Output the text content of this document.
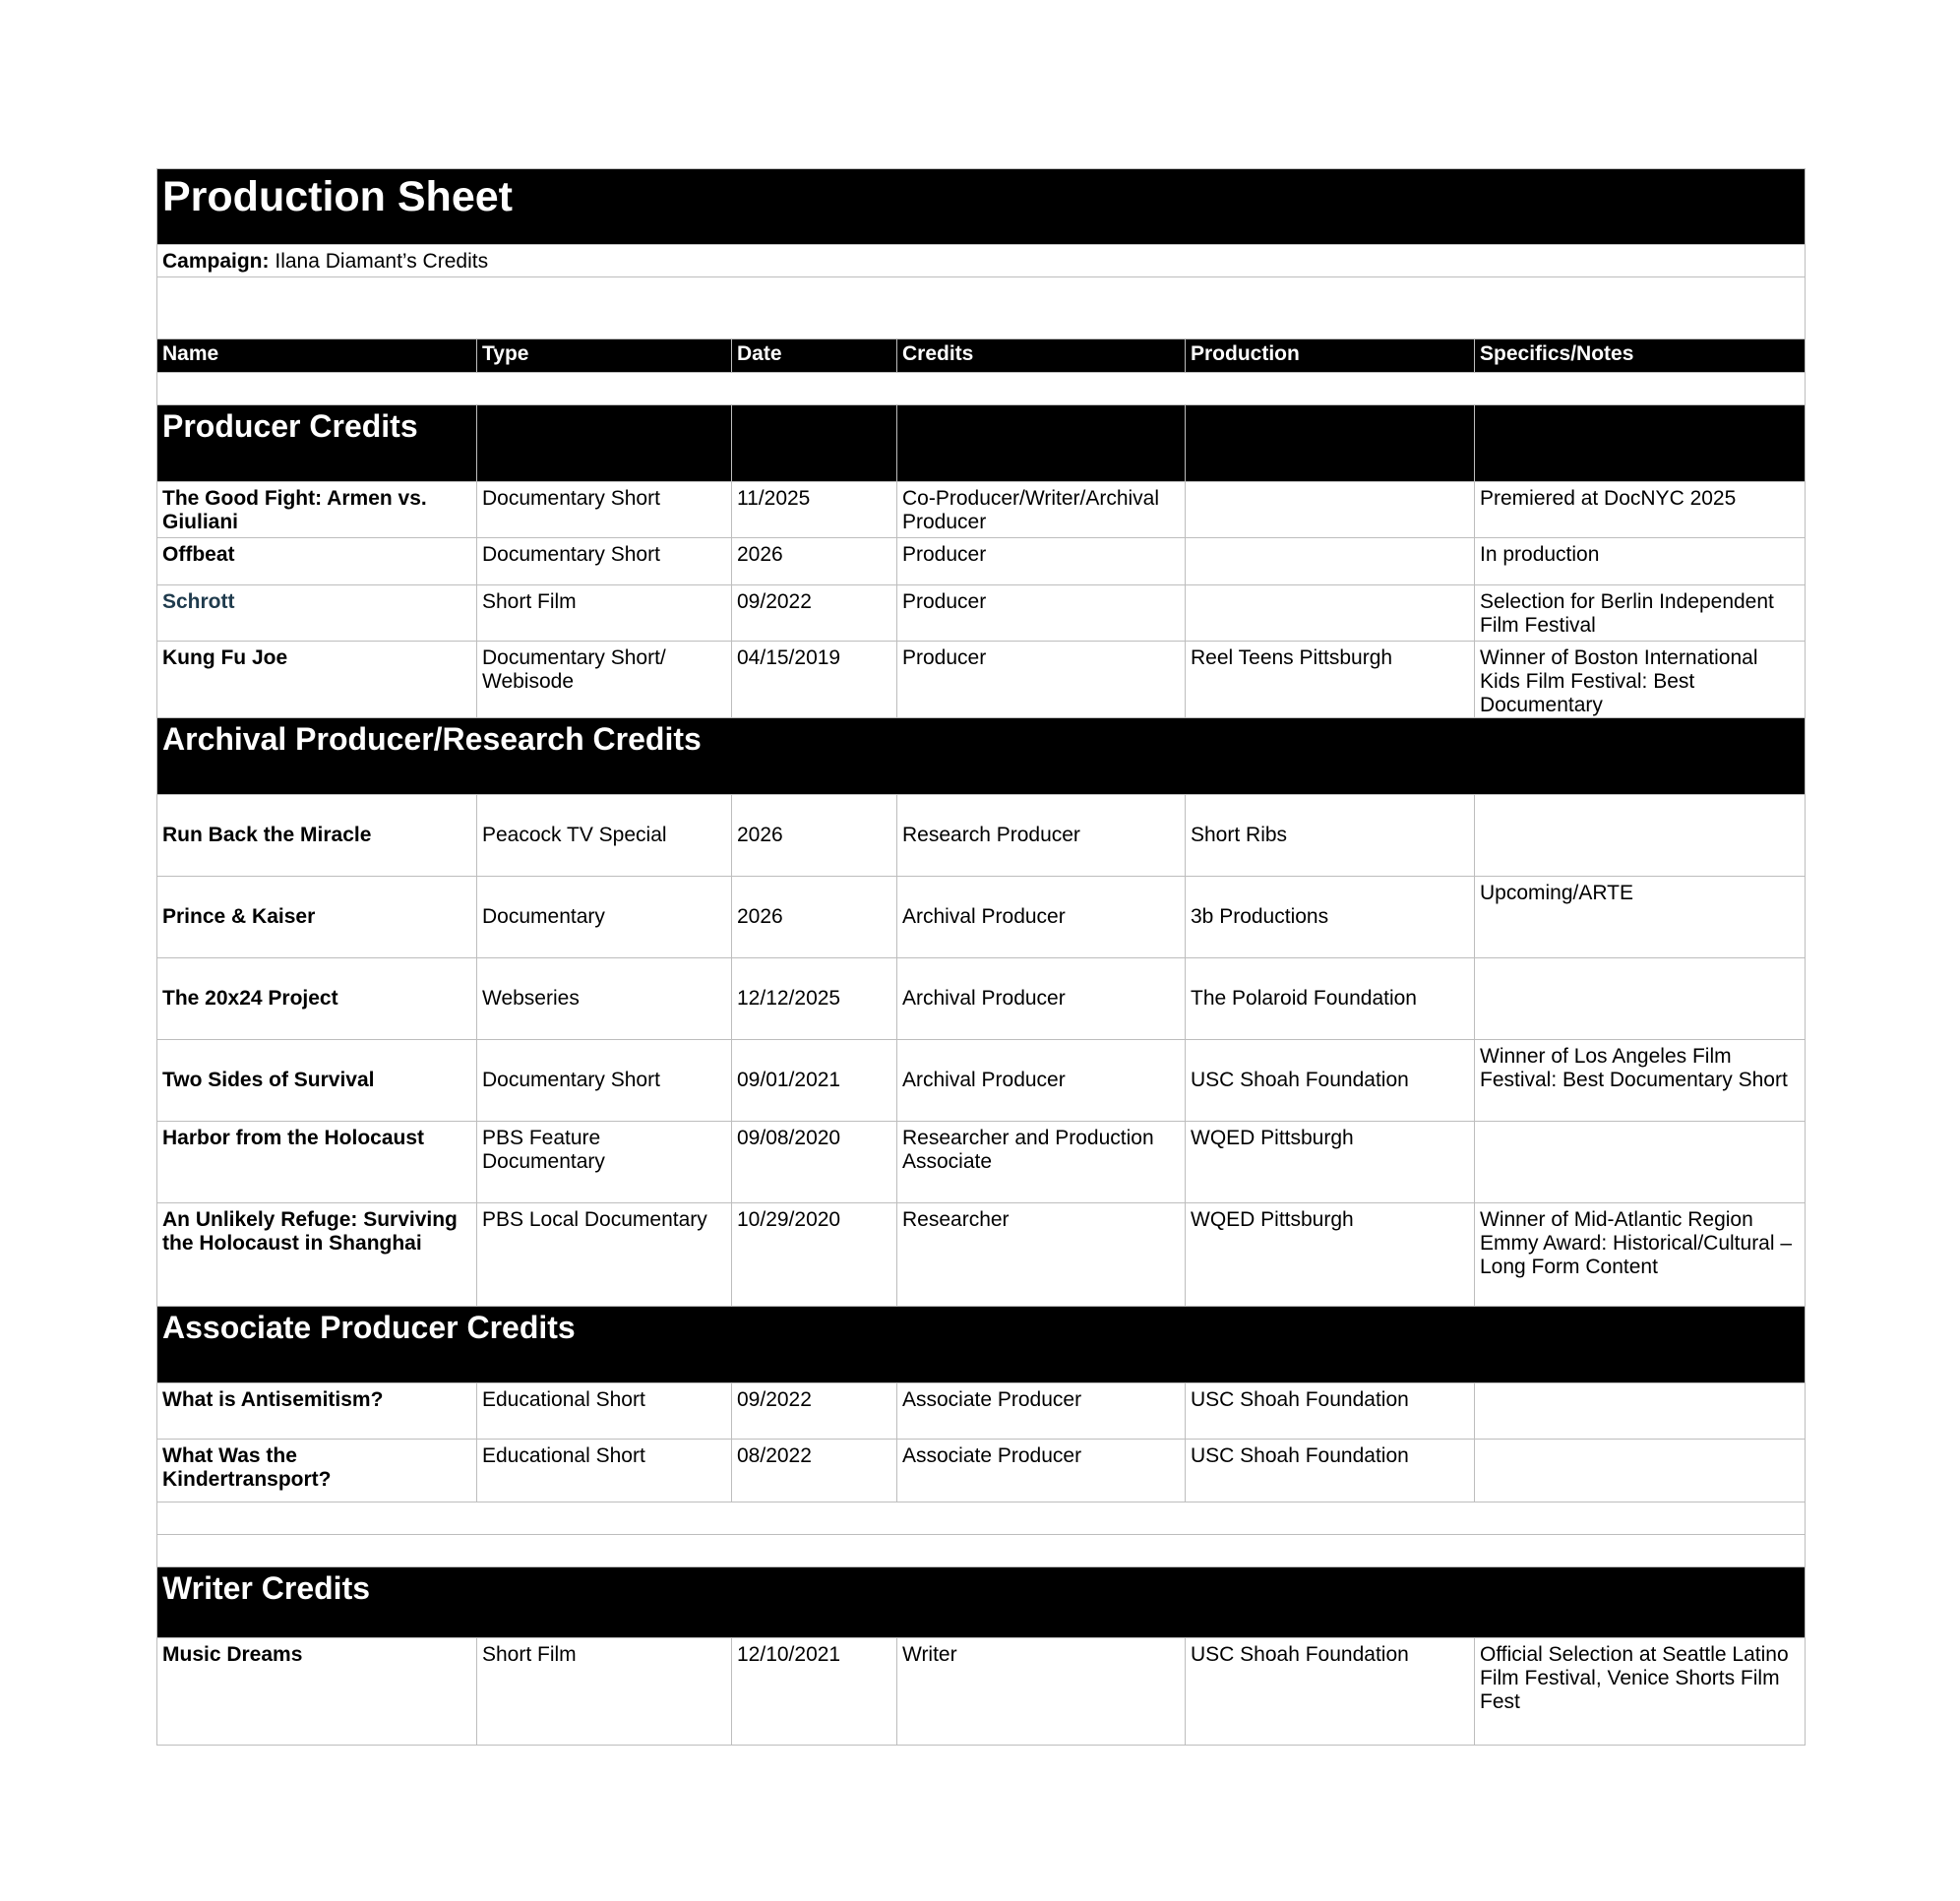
Production Sheet					
Campaign: Ilana Diamant’s Credits					

Name	Type	Date	Credits	Production	Specifics/Notes

Producer Credits					
The Good Fight: Armen vs. Giuliani	Documentary Short	11/2025	Co-Producer/Writer/Archival Producer		Premiered at DocNYC 2025
Offbeat	Documentary Short	2026	Producer		In production
Schrott	Short Film	09/2022	Producer		Selection for Berlin Independent Film Festival
Kung Fu Joe	Documentary Short/ Webisode	04/15/2019	Producer	Reel Teens Pittsburgh	Winner of Boston International Kids Film Festival: Best Documentary
Archival Producer/Research Credits					
Run Back the Miracle	Peacock TV Special	2026	Research Producer	Short Ribs	
Prince & Kaiser	Documentary	2026	Archival Producer	3b Productions	Upcoming/ARTE
The 20x24 Project	Webseries	12/12/2025	Archival Producer	The Polaroid Foundation	
Two Sides of Survival	Documentary Short	09/01/2021	Archival Producer	USC Shoah Foundation	Winner of Los Angeles Film Festival: Best Documentary Short
Harbor from the Holocaust	PBS Feature Documentary	09/08/2020	Researcher and Production Associate	WQED Pittsburgh	
An Unlikely Refuge: Surviving the Holocaust in Shanghai	PBS Local Documentary	10/29/2020	Researcher	WQED Pittsburgh	Winner of Mid-Atlantic Region Emmy Award: Historical/Cultural – Long Form Content
Associate Producer Credits					
What is Antisemitism?	Educational Short	09/2022	Associate Producer	USC Shoah Foundation	
What Was the Kindertransport?	Educational Short	08/2022	Associate Producer	USC Shoah Foundation	

Writer Credits					
Music Dreams	Short Film	12/10/2021	Writer	USC Shoah Foundation	Official Selection at Seattle Latino Film Festival, Venice Shorts Film Fest
